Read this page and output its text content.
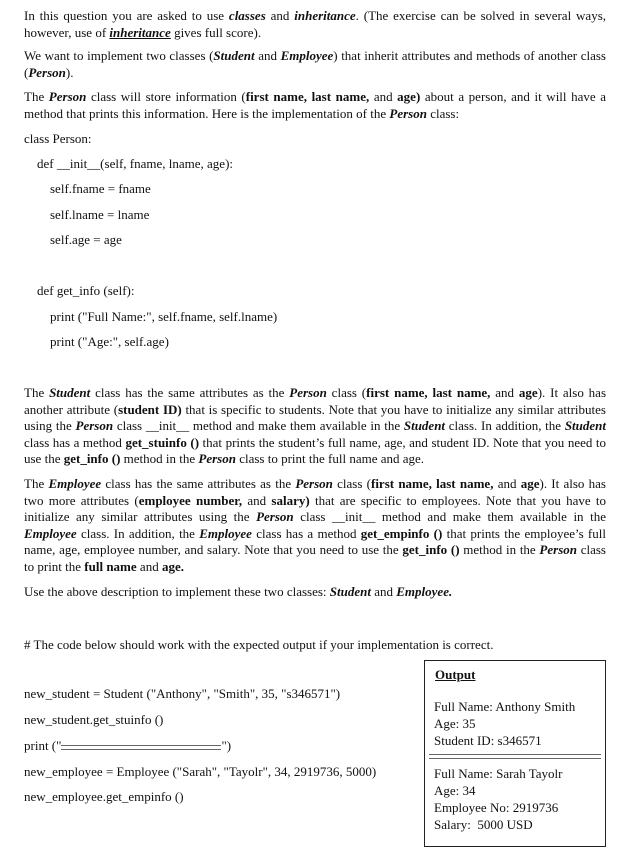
In this question you are asked to use classes and inheritance. (The exercise can be solved in several ways, however, use of inheritance gives full score).

We want to implement two classes (Student and Employee) that inherit attributes and methods of another class (Person).

The Person class will store information (first name, last name, and age) about a person, and it will have a method that prints this information. Here is the implementation of the Person class:

class Person:

def __init__(self, fname, lname, age):

self.fname = fname

self.lname = lname

self.age = age

def get_info (self):

print ("Full Name:", self.fname, self.lname)

print ("Age:", self.age)

The Student class has the same attributes as the Person class (first name, last name, and age). It also has another attribute (student ID) that is specific to students. Note that you have to initialize any similar attributes using the Person class __init__ method and make them available in the Student class. In addition, the Student class has a method get_stuinfo () that prints the student’s full name, age, and student ID. Note that you need to use the get_info () method in the Person class to print the full name and age.

The Employee class has the same attributes as the Person class (first name, last name, and age). It also has two more attributes (employee number, and salary) that are specific to employees. Note that you have to initialize any similar attributes using the Person class __init__ method and make them available in the Employee class. In addition, the Employee class has a method get_empinfo () that prints the employee’s full name, age, employee number, and salary. Note that you need to use the get_info () method in the Person class to print the full name and age.

Use the above description to implement these two classes: Student and Employee.

# The code below should work with the expected output if your implementation is correct.

new_student = Student ("Anthony", "Smith", 35, "s346571")

new_student.get_stuinfo ()

print ("	")

new_employee = Employee ("Sarah", "Tayolr", 34, 2919736, 5000)

new_employee.get_empinfo ()

Output
Full Name: Anthony Smith
Age: 35
Student ID: s346571
Full Name: Sarah Tayolr
Age: 34
Employee No: 2919736
Salary:  5000 USD
